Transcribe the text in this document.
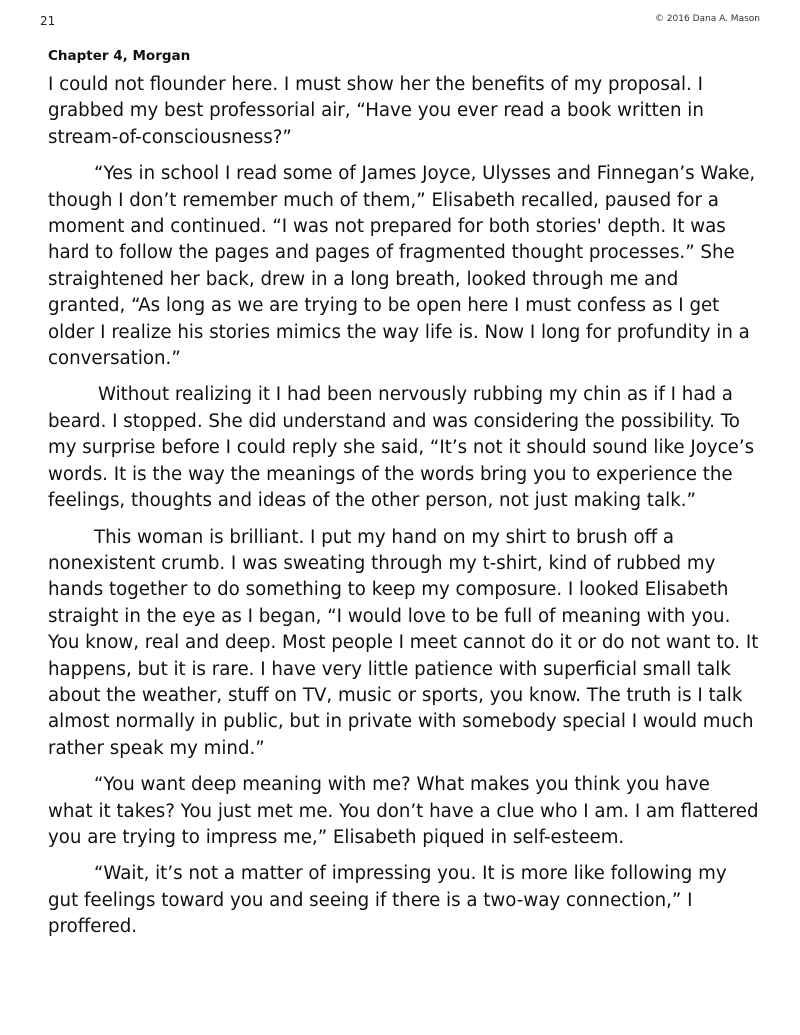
21	© 2016 Dana A. Mason
Chapter 4, Morgan

I could not flounder here. I must show her the benefits of my proposal. I grabbed my best professorial air, “Have you ever read a book written in stream-of-consciousness?”

“Yes in school I read some of James Joyce, Ulysses and Finnegan’s Wake, though I don’t remember much of them,” Elisabeth recalled, paused for a moment and continued. “I was not prepared for both stories' depth. It was hard to follow the pages and pages of fragmented thought processes.” She straightened her back, drew in a long breath, looked through me and granted, “As long as we are trying to be open here I must confess as I get older I realize his stories mimics the way life is. Now I long for profundity in a conversation.”

Without realizing it I had been nervously rubbing my chin as if I had a beard. I stopped. She did understand and was considering the possibility. To my surprise before I could reply she said, “It’s not it should sound like Joyce’s words. It is the way the meanings of the words bring you to experience the feelings, thoughts and ideas of the other person, not just making talk.”

This woman is brilliant. I put my hand on my shirt to brush off a nonexistent crumb. I was sweating through my t-shirt, kind of rubbed my hands together to do something to keep my composure. I looked Elisabeth straight in the eye as I began, “I would love to be full of meaning with you. You know, real and deep. Most people I meet cannot do it or do not want to. It happens, but it is rare. I have very little patience with superficial small talk about the weather, stuff on TV, music or sports, you know. The truth is I talk almost normally in public, but in private with somebody special I would much rather speak my mind.”

“You want deep meaning with me? What makes you think you have what it takes? You just met me. You don’t have a clue who I am. I am flattered you are trying to impress me,” Elisabeth piqued in self-esteem.

“Wait, it’s not a matter of impressing you. It is more like following my gut feelings toward you and seeing if there is a two-way connection,” I proffered.
